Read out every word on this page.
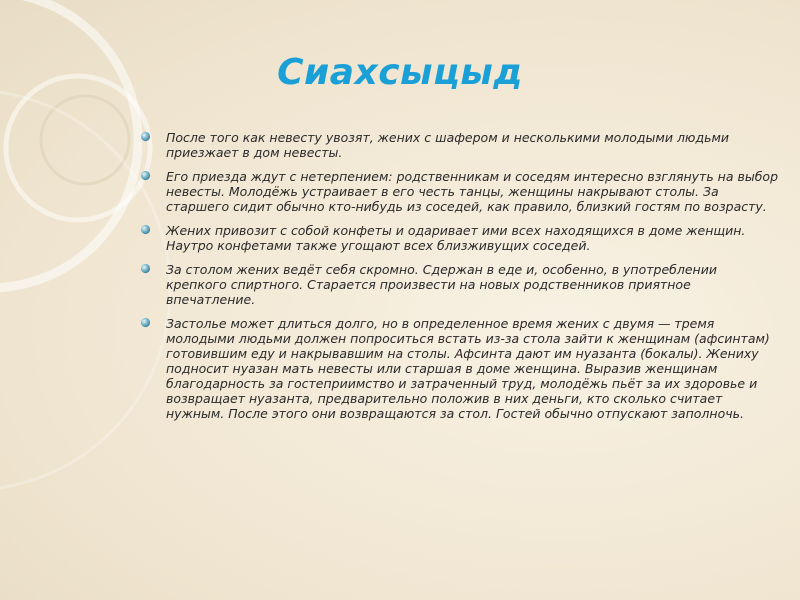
Сиахсыцыд
После того как невесту увозят, жених с шафером и несколькими молодыми людьми приезжает в дом невесты.
Его приезда ждут с нетерпением: родственникам и соседям интересно взглянуть на выбор невесты. Молодёжь устраивает в его честь танцы, женщины накрывают столы. За старшего сидит обычно кто-нибудь из соседей, как правило, близкий гостям по возрасту.
Жених привозит с собой конфеты и одаривает ими всех находящихся в доме женщин. Наутро конфетами также угощают всех близживущих соседей.
За столом жених ведёт себя скромно. Сдержан в еде и, особенно, в употреблении крепкого спиртного. Старается произвести на новых родственников приятное впечатление.
Застолье может длиться долго, но в определенное время жених с двумя — тремя молодыми людьми должен попроситься встать из-за стола зайти к женщинам (афсинтам) готовившим еду и накрывавшим на столы. Афсинта дают им нуазанта (бокалы). Жениху подносит нуазан мать невесты или старшая в доме женщина. Выразив женщинам благодарность за гостеприимство и затраченный труд, молодёжь пьёт за их здоровье и возвращает нуазанта, предварительно положив в них деньги, кто сколько считает нужным. После этого они возвращаются за стол. Гостей обычно отпускают заполночь.
